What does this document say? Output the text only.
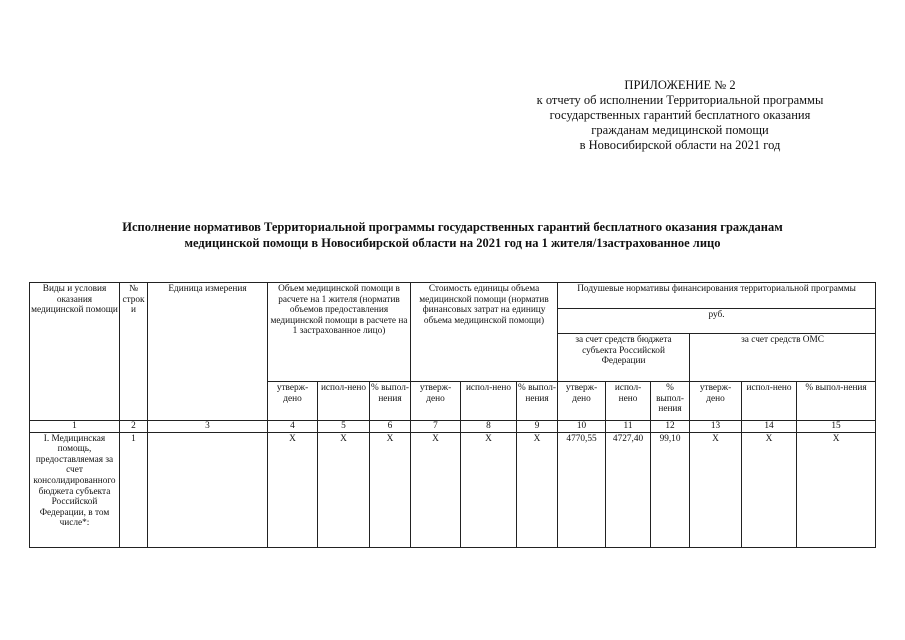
ПРИЛОЖЕНИЕ № 2
к отчету об исполнении Территориальной программы
государственных гарантий бесплатного оказания
гражданам медицинской помощи
в Новосибирской области на 2021 год
Исполнение нормативов Территориальной программы государственных гарантий бесплатного оказания гражданам
медицинской помощи в Новосибирской области на 2021 год на 1 жителя/1застрахованное лицо
Виды и условия оказания медицинской помощи	№ строк и	Единица измерения	Объем медицинской помощи в расчете на 1 жителя (норматив объемов предоставления медицинской помощи в расчете на 1 застрахованное лицо)			Стоимость единицы объема медицинской помощи (норматив финансовых затрат на единицу объема медицинской помощи)			Подушевые нормативы финансирования территориальной программы					
									руб.					
									за счет средств бюджета субъекта Российской Федерации			за счет средств ОМС		
			утверж-дено	испол-нено	% выпол-нения	утверж-дено	испол-нено	% выпол-нения	утверж-дено	испол-нено	% выпол-нения	утверж-дено	испол-нено	% выпол-нения
1	2	3	4	5	6	7	8	9	10	11	12	13	14	15
I. Медицинская помощь, предоставляемая за счет консолидированного бюджета субъекта Российской Федерации, в том числе*:	1		X	X	X	X	X	X	4770,55	4727,40	99,10	X	X	X
